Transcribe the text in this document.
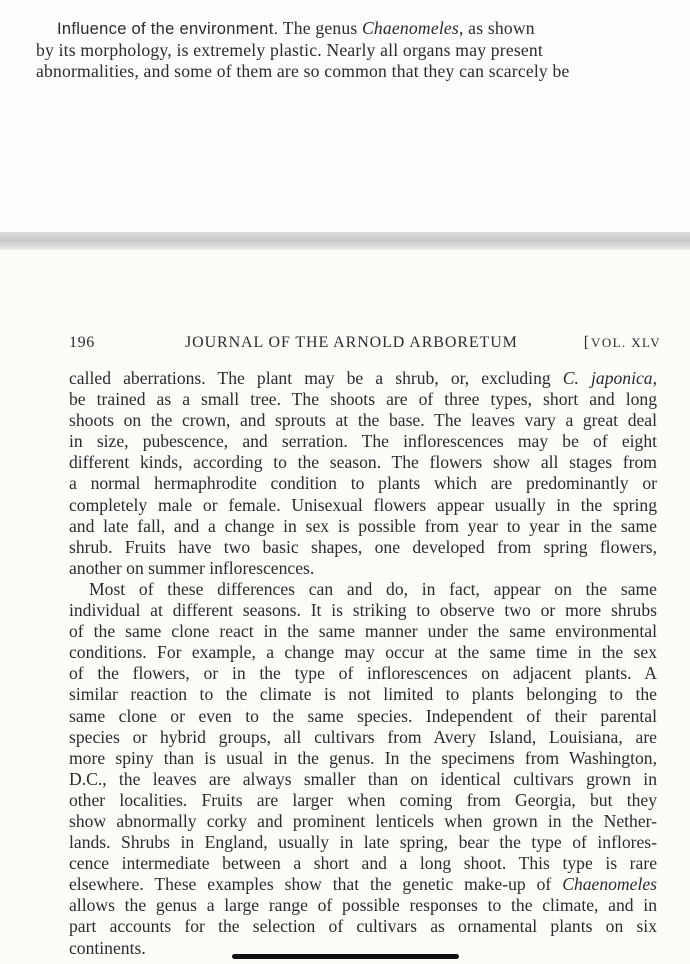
Influence of the environment. The genus Chaenomeles, as shown
by its morphology, is extremely plastic. Nearly all organs may present
abnormalities, and some of them are so common that they can scarcely be
196	JOURNAL OF THE ARNOLD ARBORETUM	[ VOL. XLV
called aberrations. The plant may be a shrub, or, excluding C. japonica,
be trained as a small tree. The shoots are of three types, short and long
shoots on the crown, and sprouts at the base. The leaves vary a great deal
in size, pubescence, and serration. The inflorescences may be of eight
different kinds, according to the season. The flowers show all stages from
a normal hermaphrodite condition to plants which are predominantly or
completely male or female. Unisexual flowers appear usually in the spring
and late fall, and a change in sex is possible from year to year in the same
shrub. Fruits have two basic shapes, one developed from spring flowers,
another on summer inflorescences.
Most of these differences can and do, in fact, appear on the same
individual at different seasons. It is striking to observe two or more shrubs
of the same clone react in the same manner under the same environmental
conditions. For example, a change may occur at the same time in the sex
of the flowers, or in the type of inflorescences on adjacent plants. A
similar reaction to the climate is not limited to plants belonging to the
same clone or even to the same species. Independent of their parental
species or hybrid groups, all cultivars from Avery Island, Louisiana, are
more spiny than is usual in the genus. In the specimens from Washington,
D.C., the leaves are always smaller than on identical cultivars grown in
other localities. Fruits are larger when coming from Georgia, but they
show abnormally corky and prominent lenticels when grown in the Nether-
lands. Shrubs in England, usually in late spring, bear the type of inflores-
cence intermediate between a short and a long shoot. This type is rare
elsewhere. These examples show that the genetic make-up of Chaenomeles
allows the genus a large range of possible responses to the climate, and in
part accounts for the selection of cultivars as ornamental plants on six
continents.
